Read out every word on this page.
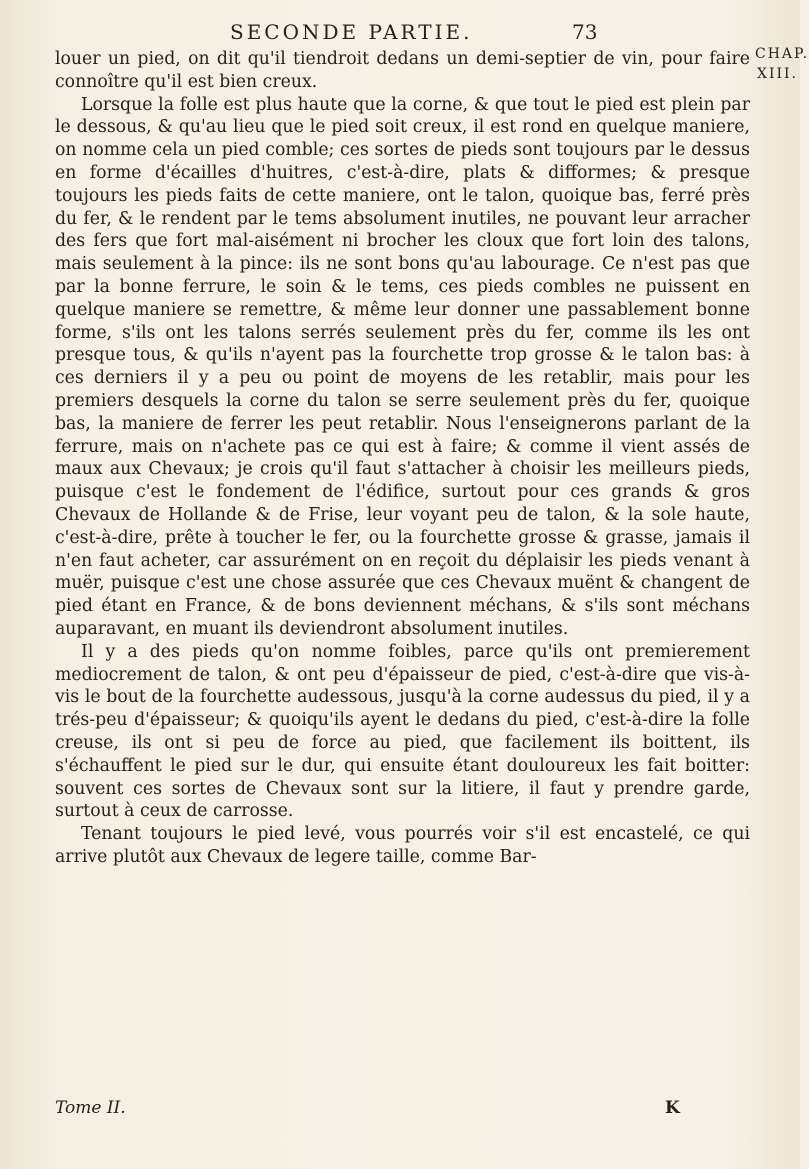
SECONDE PARTIE.	73
CHAP.
XIII.

louer un pied, on dit qu'il tiendroit dedans un demi-septier de vin, pour faire connoître qu'il est bien creux.

Lorsque la folle est plus haute que la corne, & que tout le pied est plein par le dessous, & qu'au lieu que le pied soit creux, il est rond en quelque maniere, on nomme cela un pied comble; ces sortes de pieds sont toujours par le dessus en forme d'écailles d'huitres, c'est-à-dire, plats & difformes; & presque toujours les pieds faits de cette maniere, ont le talon, quoique bas, ferré près du fer, & le rendent par le tems absolument inutiles, ne pouvant leur arracher des fers que fort mal-aisément ni brocher les cloux que fort loin des talons, mais seulement à la pince: ils ne sont bons qu'au labourage. Ce n'est pas que par la bonne ferrure, le soin & le tems, ces pieds combles ne puissent en quelque maniere se remettre, & même leur donner une passablement bonne forme, s'ils ont les talons serrés seulement près du fer, comme ils les ont presque tous, & qu'ils n'ayent pas la fourchette trop grosse & le talon bas: à ces derniers il y a peu ou point de moyens de les retablir, mais pour les premiers desquels la corne du talon se serre seulement près du fer, quoique bas, la maniere de ferrer les peut retablir. Nous l'enseignerons parlant de la ferrure, mais on n'achete pas ce qui est à faire; & comme il vient assés de maux aux Chevaux; je crois qu'il faut s'attacher à choisir les meilleurs pieds, puisque c'est le fondement de l'édifice, surtout pour ces grands & gros Chevaux de Hollande & de Frise, leur voyant peu de talon, & la sole haute, c'est-à-dire, prête à toucher le fer, ou la fourchette grosse & grasse, jamais il n'en faut acheter, car assurément on en reçoit du déplaisir les pieds venant à muër, puisque c'est une chose assurée que ces Chevaux muënt & changent de pied étant en France, & de bons deviennent méchans, & s'ils sont méchans auparavant, en muant ils deviendront absolument inutiles.

Il y a des pieds qu'on nomme foibles, parce qu'ils ont premierement mediocrement de talon, & ont peu d'épaisseur de pied, c'est-à-dire que vis-à-vis le bout de la fourchette audessous, jusqu'à la corne audessus du pied, il y a trés-peu d'épaisseur; & quoiqu'ils ayent le dedans du pied, c'est-à-dire la folle creuse, ils ont si peu de force au pied, que facilement ils boittent, ils s'échauffent le pied sur le dur, qui ensuite étant douloureux les fait boitter: souvent ces sortes de Chevaux sont sur la litiere, il faut y prendre garde, surtout à ceux de carrosse.

Tenant toujours le pied levé, vous pourrés voir s'il est encastelé, ce qui arrive plutôt aux Chevaux de legere taille, comme Bar-

Tome II.	K
